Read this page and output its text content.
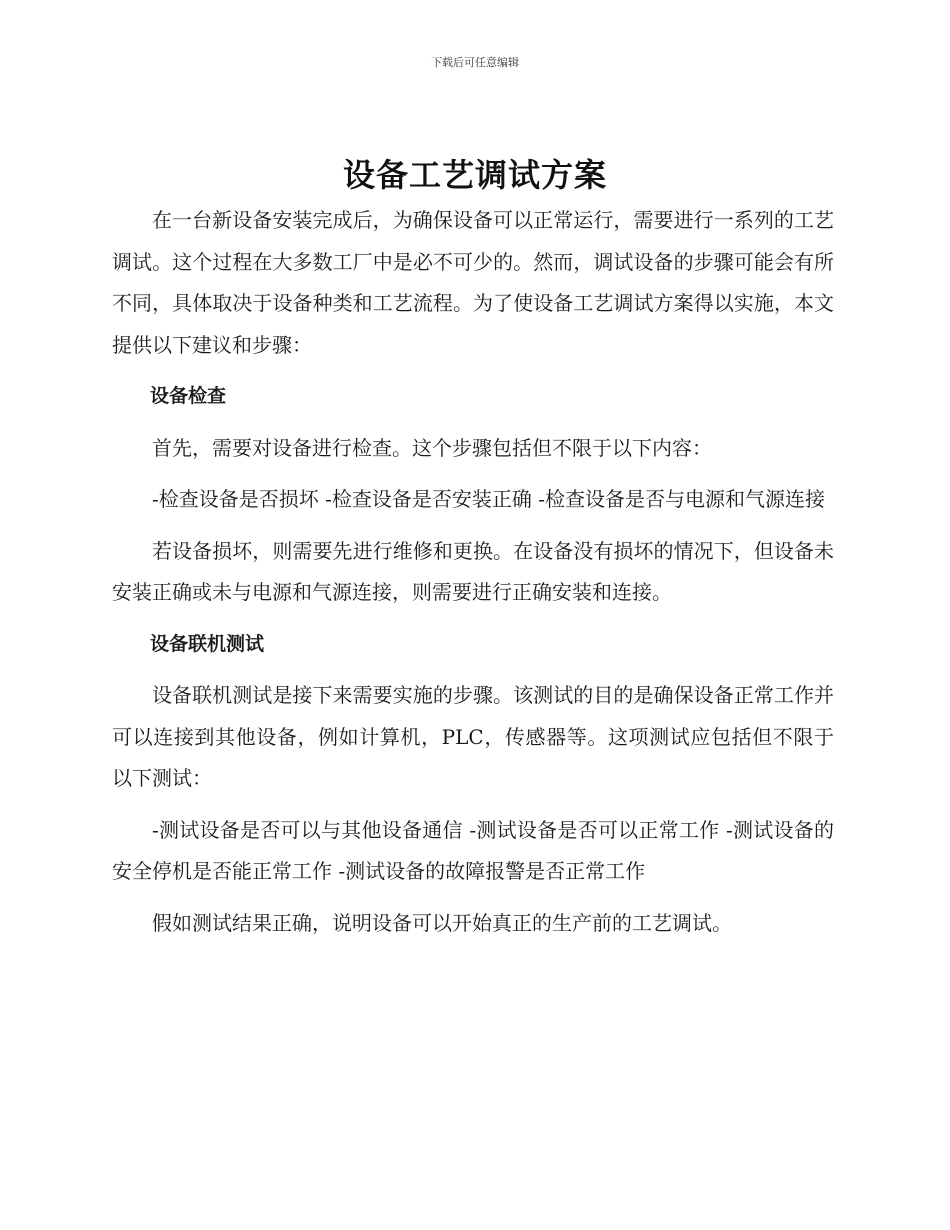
下载后可任意编辑
设备工艺调试方案

在一台新设备安装完成后，为确保设备可以正常运行，需要进行一系列的工艺调试。这个过程在大多数工厂中是必不可少的。然而，调试设备的步骤可能会有所不同，具体取决于设备种类和工艺流程。为了使设备工艺调试方案得以实施，本文提供以下建议和步骤：

设备检查

首先，需要对设备进行检查。这个步骤包括但不限于以下内容：

-检查设备是否损坏 -检查设备是否安装正确 -检查设备是否与电源和气源连接

若设备损坏，则需要先进行维修和更换。在设备没有损坏的情况下，但设备未安装正确或未与电源和气源连接，则需要进行正确安装和连接。

设备联机测试

设备联机测试是接下来需要实施的步骤。该测试的目的是确保设备正常工作并可以连接到其他设备，例如计算机，PLC，传感器等。这项测试应包括但不限于以下测试：

-测试设备是否可以与其他设备通信 -测试设备是否可以正常工作 -测试设备的安全停机是否能正常工作 -测试设备的故障报警是否正常工作

假如测试结果正确，说明设备可以开始真正的生产前的工艺调试。
